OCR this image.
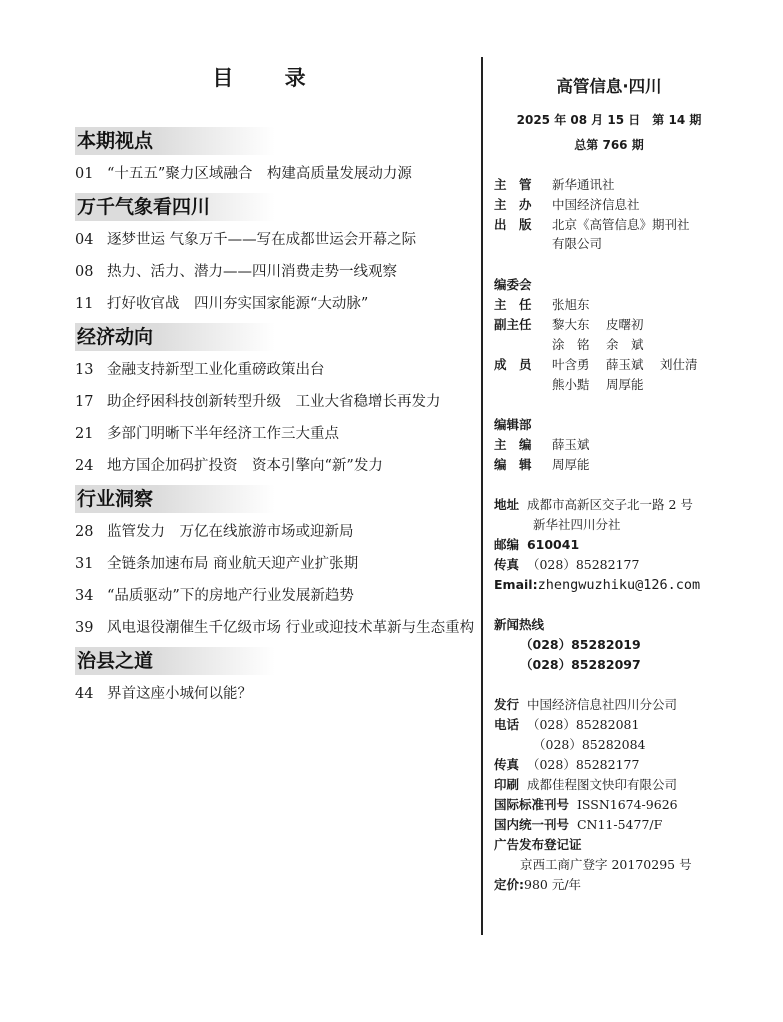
目 录
本期视点
01 “十五五”聚力区域融合　构建高质量发展动力源
万千气象看四川
04 逐梦世运 气象万千——写在成都世运会开幕之际
08 热力、活力、潜力——四川消费走势一线观察
11 打好收官战　四川夯实国家能源“大动脉”
经济动向
13 金融支持新型工业化重磅政策出台
17 助企纾困科技创新转型升级　工业大省稳增长再发力
21 多部门明晰下半年经济工作三大重点
24 地方国企加码扩投资　资本引擎向“新”发力
行业洞察
28 监管发力　万亿在线旅游市场或迎新局
31 全链条加速布局 商业航天迎产业扩张期
34 “品质驱动”下的房地产行业发展新趋势
39 风电退役潮催生千亿级市场 行业或迎技术革新与生态重构
治县之道
44 界首这座小城何以能？
高管信息·四川
2025 年 08 月 15 日　第 14 期
总第 766 期
主　管 新华通讯社
主　办 中国经济信息社
出　版 北京《高管信息》期刊社
有限公司
编委会
主　任 张旭东
副主任 黎大东　 皮曙初
涂　铭　 余　斌
成　员 叶含勇　 薛玉斌　 刘仕清
熊小黠　 周厚能
编辑部
主　编 薛玉斌
编　辑 周厚能
地址 成都市高新区交子北一路 2 号
新华社四川分社
邮编 610041
传真 （028）85282177
Email:zhengwuzhiku@126.com
新闻热线
（028）85282019
（028）85282097
发行 中国经济信息社四川分公司
电话 （028）85282081
（028）85282084
传真 （028）85282177
印刷 成都佳程图文快印有限公司
国际标准刊号 ISSN1674-9626
国内统一刊号 CN11-5477/F
广告发布登记证
京西工商广登字 20170295 号
定价:980 元/年
